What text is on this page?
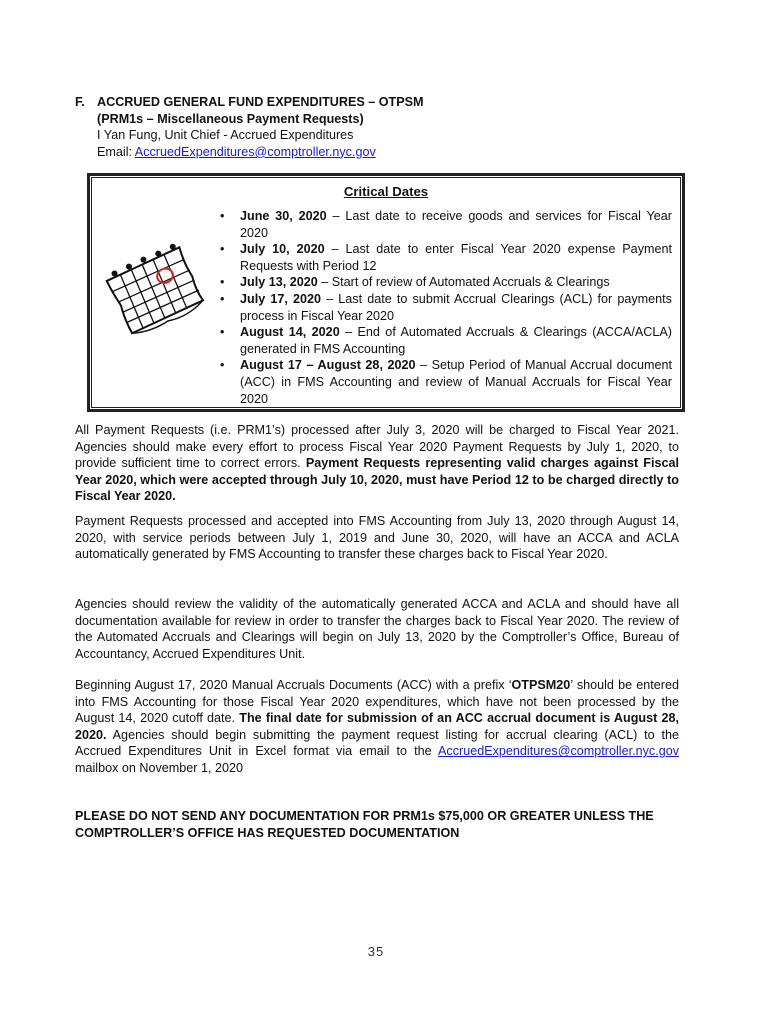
F. ACCRUED GENERAL FUND EXPENDITURES – OTPSM
(PRM1s – Miscellaneous Payment Requests)
I Yan Fung, Unit Chief - Accrued Expenditures
Email: AccruedExpenditures@comptroller.nyc.gov
Critical Dates
• June 30, 2020 – Last date to receive goods and services for Fiscal Year 2020
• July 10, 2020 – Last date to enter Fiscal Year 2020 expense Payment Requests with Period 12
• July 13, 2020 – Start of review of Automated Accruals & Clearings
• July 17, 2020 – Last date to submit Accrual Clearings (ACL) for payments process in Fiscal Year 2020
• August 14, 2020 – End of Automated Accruals & Clearings (ACCA/ACLA) generated in FMS Accounting
• August 17 – August 28, 2020 – Setup Period of Manual Accrual document (ACC) in FMS Accounting and review of Manual Accruals for Fiscal Year 2020
All Payment Requests (i.e. PRM1’s) processed after July 3, 2020 will be charged to Fiscal Year 2021. Agencies should make every effort to process Fiscal Year 2020 Payment Requests by July 1, 2020, to provide sufficient time to correct errors. Payment Requests representing valid charges against Fiscal Year 2020, which were accepted through July 10, 2020, must have Period 12 to be charged directly to Fiscal Year 2020.
Payment Requests processed and accepted into FMS Accounting from July 13, 2020 through August 14, 2020, with service periods between July 1, 2019 and June 30, 2020, will have an ACCA and ACLA automatically generated by FMS Accounting to transfer these charges back to Fiscal Year 2020.
Agencies should review the validity of the automatically generated ACCA and ACLA and should have all documentation available for review in order to transfer the charges back to Fiscal Year 2020. The review of the Automated Accruals and Clearings will begin on July 13, 2020 by the Comptroller’s Office, Bureau of Accountancy, Accrued Expenditures Unit.
Beginning August 17, 2020 Manual Accruals Documents (ACC) with a prefix ‘OTPSM20’ should be entered into FMS Accounting for those Fiscal Year 2020 expenditures, which have not been processed by the August 14, 2020 cutoff date. The final date for submission of an ACC accrual document is August 28, 2020. Agencies should begin submitting the payment request listing for accrual clearing (ACL) to the Accrued Expenditures Unit in Excel format via email to the AccruedExpenditures@comptroller.nyc.gov mailbox on November 1, 2020
PLEASE DO NOT SEND ANY DOCUMENTATION FOR PRM1s $75,000 OR GREATER UNLESS THE COMPTROLLER’S OFFICE HAS REQUESTED DOCUMENTATION
35
